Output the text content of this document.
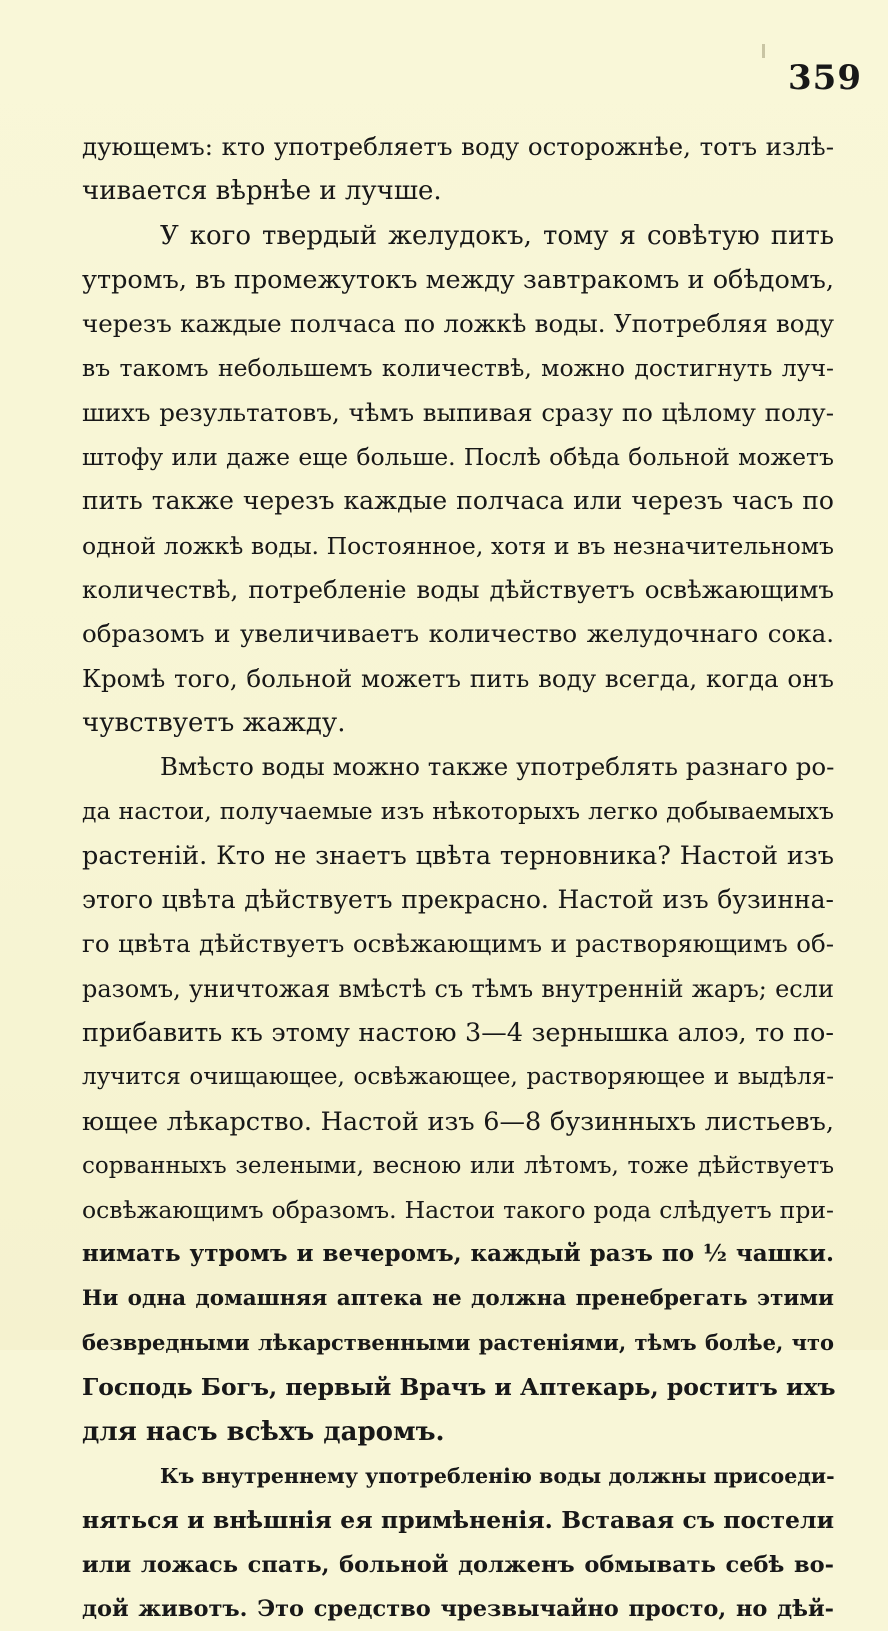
359
дующемъ: кто употребляетъ воду осторожнѣе, тотъ излѣ-
чивается вѣрнѣе и лучше.
У кого твердый желудокъ, тому я совѣтую пить
утромъ, въ промежутокъ между завтракомъ и обѣдомъ,
черезъ каждые полчаса по ложкѣ воды. Употребляя воду
въ такомъ небольшемъ количествѣ, можно достигнуть луч-
шихъ результатовъ, чѣмъ выпивая сразу по цѣлому полу-
штофу или даже еще больше. Послѣ обѣда больной можетъ
пить также черезъ каждые полчаса или черезъ часъ по
одной ложкѣ воды. Постоянное, хотя и въ незначительномъ
количествѣ, потребленіе воды дѣйствуетъ освѣжающимъ
образомъ и увеличиваетъ количество желудочнаго сока.
Кромѣ того, больной можетъ пить воду всегда, когда онъ
чувствуетъ жажду.
Вмѣсто воды можно также употреблять разнаго ро-
да настои, получаемые изъ нѣкоторыхъ легко добываемыхъ
растеній. Кто не знаетъ цвѣта терновника? Настой изъ
этого цвѣта дѣйствуетъ прекрасно. Настой изъ бузинна-
го цвѣта дѣйствуетъ освѣжающимъ и растворяющимъ об-
разомъ, уничтожая вмѣстѣ съ тѣмъ внутренній жаръ; если
прибавить къ этому настою 3—4 зернышка алоэ, то по-
лучится очищающее, освѣжающее, растворяющее и выдѣля-
ющее лѣкарство. Настой изъ 6—8 бузинныхъ листьевъ,
сорванныхъ зелеными, весною или лѣтомъ, тоже дѣйствуетъ
освѣжающимъ образомъ. Настои такого рода слѣдуетъ при-
нимать утромъ и вечеромъ, каждый разъ по ½ чашки.
Ни одна домашняя аптека не должна пренебрегать этими
безвредными лѣкарственными растеніями, тѣмъ болѣе, что
Господь Богъ, первый Врачъ и Аптекарь, роститъ ихъ
для насъ всѣхъ даромъ.
Къ внутреннему употребленію воды должны присоеди-
няться и внѣшнія ея примѣненія. Вставая съ постели
или ложась спать, больной долженъ обмывать себѣ во-
дой животъ. Это средство чрезвычайно просто, но дѣй-
